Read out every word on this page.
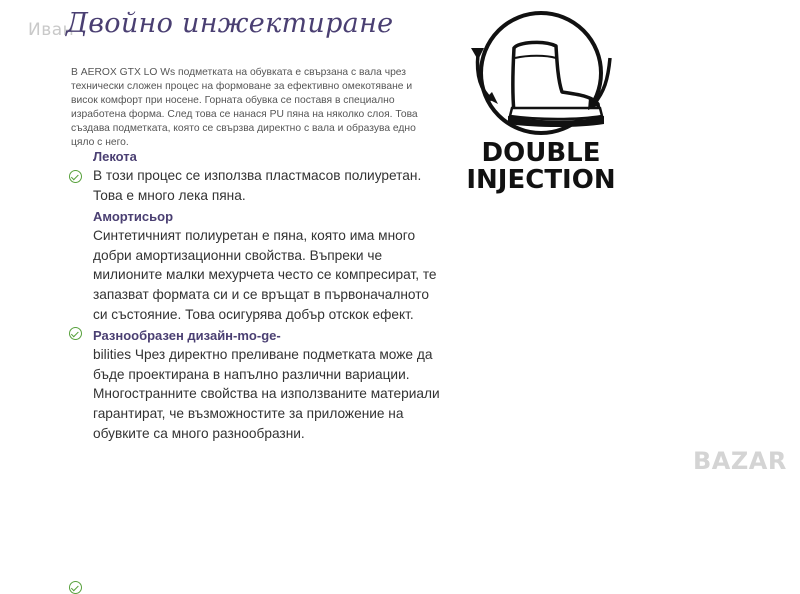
Иван
Двойно инжектиране

В AEROX GTX LO Ws подметката на обувката е свързана с вала чрез технически сложен процес на формоване за ефективно омекотяване и висок комфорт при носене. Горната обувка се поставя в специално изработена форма. След това се нанася PU пяна на няколко слоя. Това създава подметката, която се свързва директно с вала и образува едно цяло с него.

Лекота
В този процес се използва пластмасов полиуретан. Това е много лека пяна.
Амортисьор
Синтетичният полиуретан е пяна, която има много добри амортизационни свойства. Въпреки че милионите малки мехурчета често се компресират, те запазват формата си и се връщат в първоначалното си състояние. Това осигурява добър отскок ефект.
Разнообразен дизайн-mo-ge-
bilities Чрез директно преливане подметката може да бъде проектирана в напълно различни вариации. Многостранните свойства на използваните материали гарантират, че възможностите за приложение на обувките са много разнообразни.
DOUBLE
INJECTION
BAZAR
